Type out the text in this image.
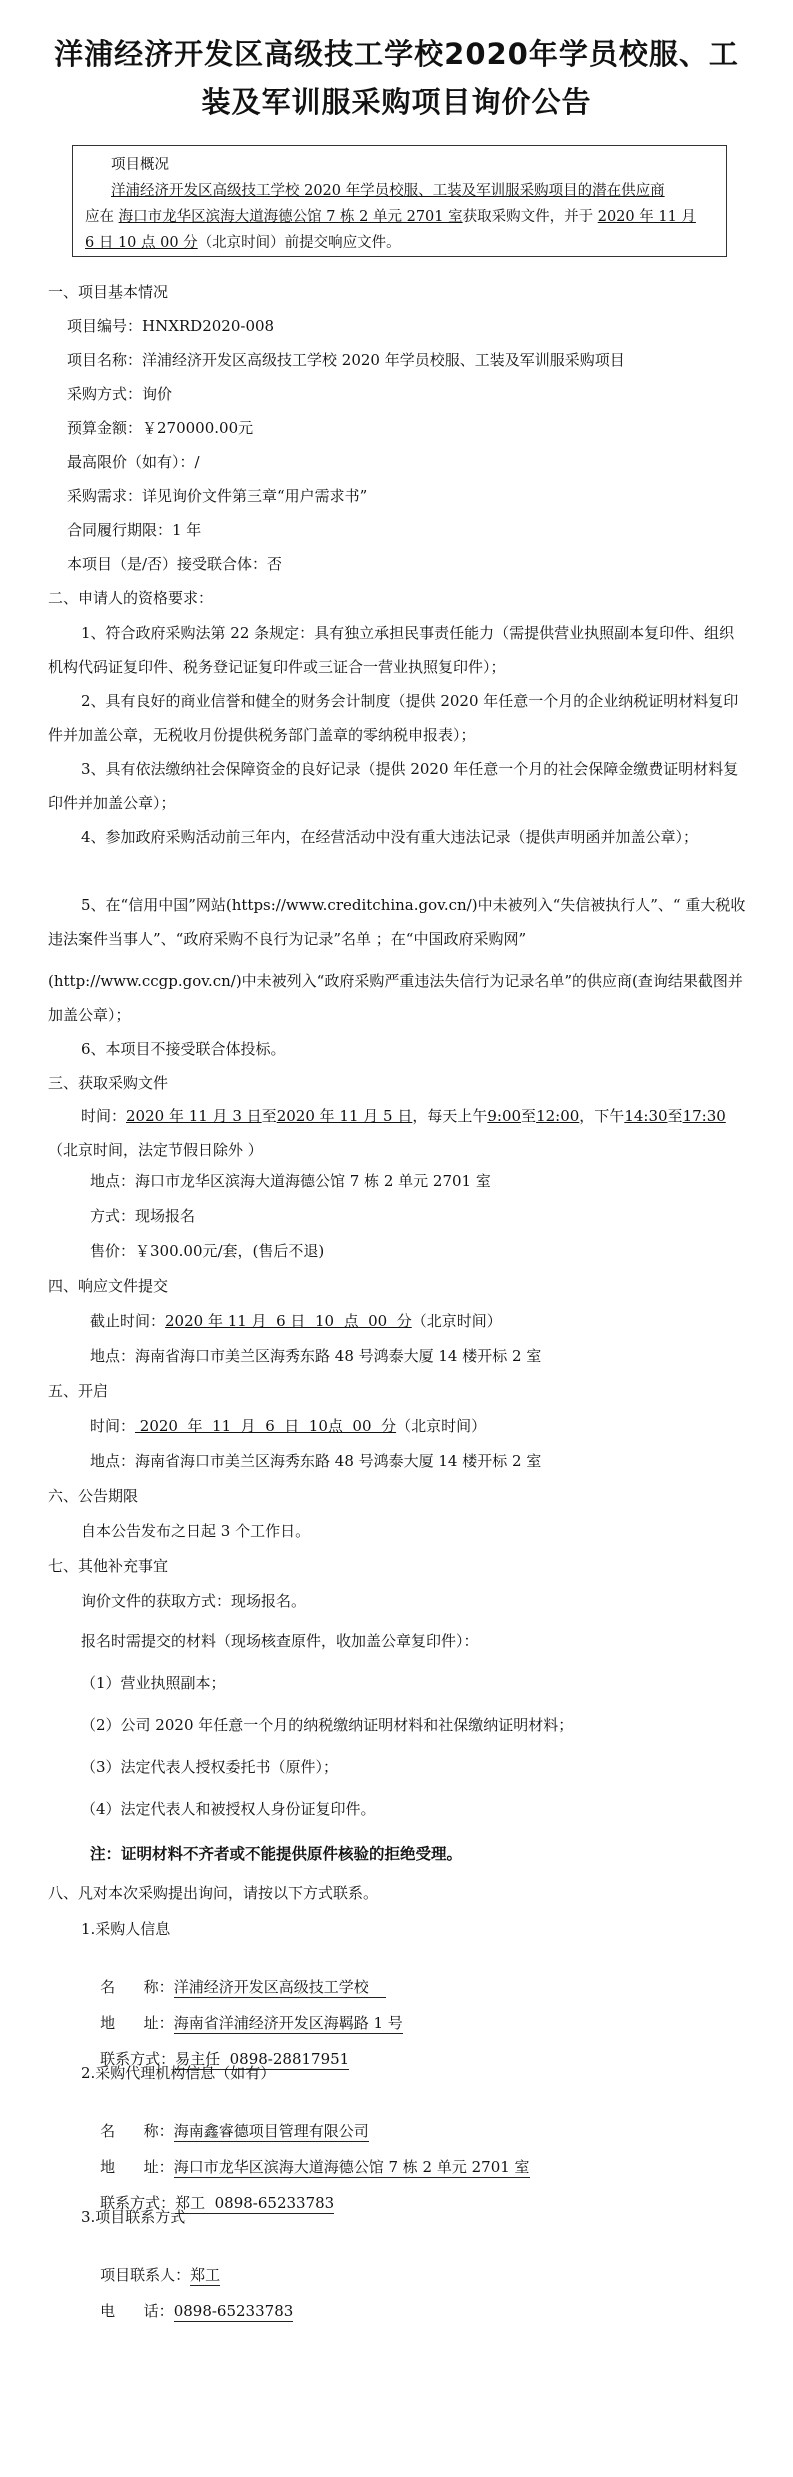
洋浦经济开发区高级技工学校2020年学员校服、工
装及军训服采购项目询价公告
项目概况
洋浦经济开发区高级技工学校 2020 年学员校服、工装及军训服采购项目的潜在供应商
应在 海口市龙华区滨海大道海德公馆 7 栋 2 单元 2701 室获取采购文件，并于 2020 年 11 月
6 日 10 点 00 分（北京时间）前提交响应文件。
一、项目基本情况
项目编号：HNXRD2020-008
项目名称：洋浦经济开发区高级技工学校 2020 年学员校服、工装及军训服采购项目
采购方式：询价
预算金额：￥270000.00元
最高限价（如有）：/
采购需求：详见询价文件第三章“用户需求书”
合同履行期限：1 年
本项目（是/否）接受联合体：否
二、申请人的资格要求：
1、符合政府采购法第 22 条规定：具有独立承担民事责任能力（需提供营业执照副本复印件、组织机构代码证复印件、税务登记证复印件或三证合一营业执照复印件）；
2、具有良好的商业信誉和健全的财务会计制度（提供 2020 年任意一个月的企业纳税证明材料复印件并加盖公章，无税收月份提供税务部门盖章的零纳税申报表）；
3、具有依法缴纳社会保障资金的良好记录（提供 2020 年任意一个月的社会保障金缴费证明材料复印件并加盖公章）；
4、参加政府采购活动前三年内，在经营活动中没有重大违法记录（提供声明函并加盖公章）；
5、在“信用中国”网站(https://www.creditchina.gov.cn/)中未被列入“失信被执行人”、“ 重大税收违法案件当事人”、“政府采购不良行为记录”名单 ；在“中国政府采购网”
(http://www.ccgp.gov.cn/)中未被列入“政府采购严重违法失信行为记录名单”的供应商(查询结果截图并加盖公章）；
6、本项目不接受联合体投标。
三、获取采购文件
时间：2020 年 11 月 3 日至2020 年 11 月 5 日，每天上午9:00至12:00，下午14:30至17:30（北京时间，法定节假日除外 ）
地点：海口市龙华区滨海大道海德公馆 7 栋 2 单元 2701 室
方式：现场报名
售价：￥300.00元/套，(售后不退)
四、响应文件提交
截止时间：2020 年 11 月  6 日  10  点  00  分（北京时间）
地点：海南省海口市美兰区海秀东路 48 号鸿泰大厦 14 楼开标 2 室
五、开启
时间： 2020  年  11  月  6  日  10点  00  分（北京时间）
地点：海南省海口市美兰区海秀东路 48 号鸿泰大厦 14 楼开标 2 室
六、公告期限
自本公告发布之日起 3 个工作日。
七、其他补充事宜
询价文件的获取方式：现场报名。
报名时需提交的材料（现场核查原件，收加盖公章复印件）：
（1）营业执照副本；
（2）公司 2020 年任意一个月的纳税缴纳证明材料和社保缴纳证明材料；
（3）法定代表人授权委托书（原件）；
（4）法定代表人和被授权人身份证复印件。
注：证明材料不齐者或不能提供原件核验的拒绝受理。
八、凡对本次采购提出询问，请按以下方式联系。
1.采购人信息

名      称：洋浦经济开发区高级技工学校

地      址：海南省洋浦经济开发区海羁路 1 号

联系方式：易主任  0898-28817951

2.采购代理机构信息（如有）

名      称：海南鑫睿德项目管理有限公司

地      址：海口市龙华区滨海大道海德公馆 7 栋 2 单元 2701 室

联系方式：郑工  0898-65233783

3.项目联系方式

项目联系人：郑工

电      话：0898-65233783
